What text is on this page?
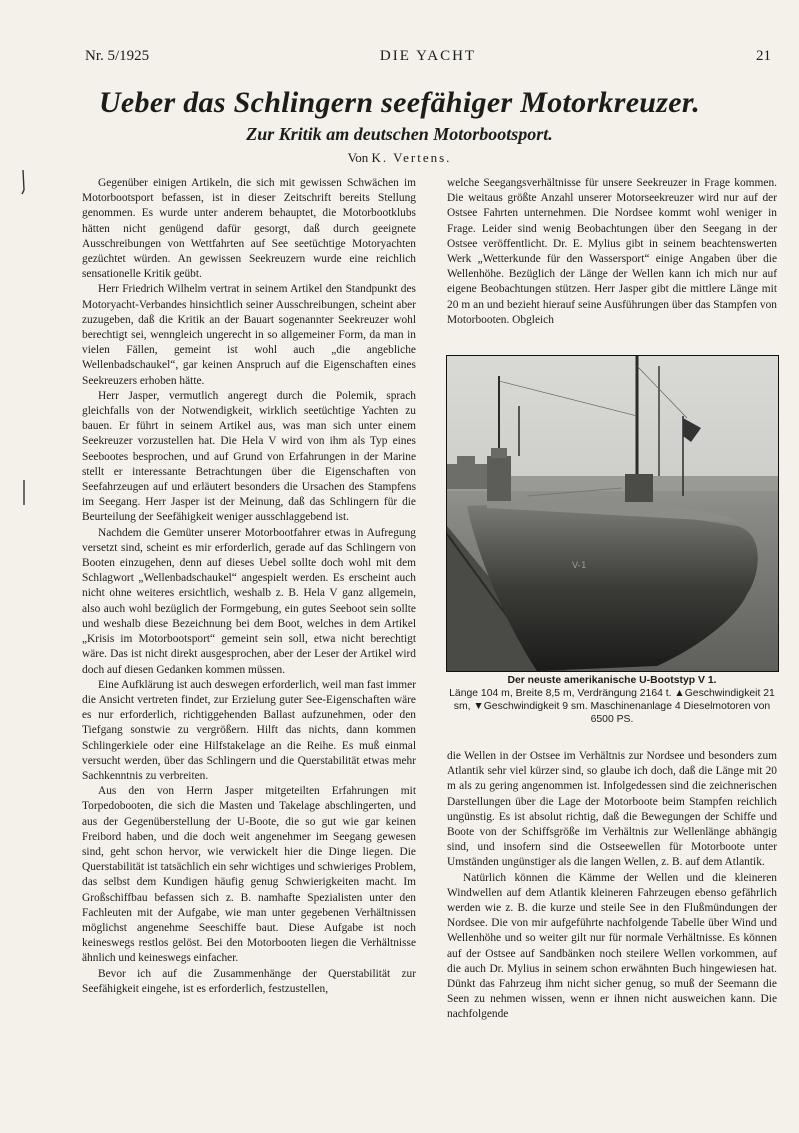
Nr. 5/1925	DIE YACHT	21
Ueber das Schlingern seefähiger Motorkreuzer.
Zur Kritik am deutschen Motorbootsport.
Von K. Vertens.

Gegenüber einigen Artikeln, die sich mit gewissen Schwächen im Motorbootsport befassen, ist in dieser Zeitschrift bereits Stellung genommen. Es wurde unter anderem behauptet, die Motorbootklubs hätten nicht genügend dafür gesorgt, daß durch geeignete Ausschreibungen von Wettfahrten auf See seetüchtige Motoryachten gezüchtet würden. An gewissen Seekreuzern wurde eine reichlich sensationelle Kritik geübt.

Herr Friedrich Wilhelm vertrat in seinem Artikel den Standpunkt des Motoryacht-Verbandes hinsichtlich seiner Ausschreibungen, scheint aber zuzugeben, daß die Kritik an der Bauart sogenannter Seekreuzer wohl berechtigt sei, wenngleich ungerecht in so allgemeiner Form, da man in vielen Fällen, gemeint ist wohl auch „die angebliche Wellenbadschaukel“, gar keinen Anspruch auf die Eigenschaften eines Seekreuzers erhoben hätte.

Herr Jasper, vermutlich angeregt durch die Polemik, sprach gleichfalls von der Notwendigkeit, wirklich seetüchtige Yachten zu bauen. Er führt in seinem Artikel aus, was man sich unter einem Seekreuzer vorzustellen hat. Die Hela V wird von ihm als Typ eines Seebootes besprochen, und auf Grund von Erfahrungen in der Marine stellt er interessante Betrachtungen über die Eigenschaften von Seefahrzeugen auf und erläutert besonders die Ursachen des Stampfens im Seegang. Herr Jasper ist der Meinung, daß das Schlingern für die Beurteilung der Seefähigkeit weniger ausschlaggebend ist.

Nachdem die Gemüter unserer Motorbootfahrer etwas in Aufregung versetzt sind, scheint es mir erforderlich, gerade auf das Schlingern von Booten einzugehen, denn auf dieses Uebel sollte doch wohl mit dem Schlagwort „Wellenbadschaukel“ angespielt werden. Es erscheint auch nicht ohne weiteres ersichtlich, weshalb z. B. Hela V ganz allgemein, also auch wohl bezüglich der Formgebung, ein gutes Seeboot sein sollte und weshalb diese Bezeichnung bei dem Boot, welches in dem Artikel „Krisis im Motorbootsport“ gemeint sein soll, etwa nicht berechtigt wäre. Das ist nicht direkt ausgesprochen, aber der Leser der Artikel wird doch auf diesen Gedanken kommen müssen.

Eine Aufklärung ist auch deswegen erforderlich, weil man fast immer die Ansicht vertreten findet, zur Erzielung guter See-Eigenschaften wäre es nur erforderlich, richtiggehenden Ballast aufzunehmen, oder den Tiefgang sonstwie zu vergrößern. Hilft das nichts, dann kommen Schlingerkiele oder eine Hilfstakelage an die Reihe. Es muß einmal versucht werden, über das Schlingern und die Querstabilität etwas mehr Sachkenntnis zu verbreiten.

Aus den von Herrn Jasper mitgeteilten Erfahrungen mit Torpedobooten, die sich die Masten und Takelage abschlingerten, und aus der Gegenüberstellung der U-Boote, die so gut wie gar keinen Freibord haben, und die doch weit angenehmer im Seegang gewesen sind, geht schon hervor, wie verwickelt hier die Dinge liegen. Die Querstabilität ist tatsächlich ein sehr wichtiges und schwieriges Problem, das selbst dem Kundigen häufig genug Schwierigkeiten macht. Im Großschiffbau befassen sich z. B. namhafte Spezialisten unter den Fachleuten mit der Aufgabe, wie man unter gegebenen Verhältnissen möglichst angenehme Seeschiffe baut. Diese Aufgabe ist noch keineswegs restlos gelöst. Bei den Motorbooten liegen die Verhältnisse ähnlich und keineswegs einfacher.

Bevor ich auf die Zusammenhänge der Querstabilität zur Seefähigkeit eingehe, ist es erforderlich, festzustellen,

welche Seegangsverhältnisse für unsere Seekreuzer in Frage kommen. Die weitaus größte Anzahl unserer Motorseekreuzer wird nur auf der Ostsee Fahrten unternehmen. Die Nordsee kommt wohl weniger in Frage. Leider sind wenig Beobachtungen über den Seegang in der Ostsee veröffentlicht. Dr. E. Mylius gibt in seinem beachtenswerten Werk „Wetterkunde für den Wassersport“ einige Angaben über die Wellenhöhe. Bezüglich der Länge der Wellen kann ich mich nur auf eigene Beobachtungen stützen. Herr Jasper gibt die mittlere Länge mit 20 m an und bezieht hierauf seine Ausführungen über das Stampfen von Motorbooten. Obgleich

V-1
Der neuste amerikanische U-Bootstyp V 1.
Länge 104 m, Breite 8,5 m, Verdrängung 2164 t. ▲Geschwindigkeit 21 sm, ▼Geschwindigkeit 9 sm. Maschinenanlage 4 Dieselmotoren von 6500 PS.

die Wellen in der Ostsee im Verhältnis zur Nordsee und besonders zum Atlantik sehr viel kürzer sind, so glaube ich doch, daß die Länge mit 20 m als zu gering angenommen ist. Infolgedessen sind die zeichnerischen Darstellungen über die Lage der Motorboote beim Stampfen reichlich ungünstig. Es ist absolut richtig, daß die Bewegungen der Schiffe und Boote von der Schiffsgröße im Verhältnis zur Wellenlänge abhängig sind, und insofern sind die Ostseewellen für Motorboote unter Umständen ungünstiger als die langen Wellen, z. B. auf dem Atlantik.

Natürlich können die Kämme der Wellen und die kleineren Windwellen auf dem Atlantik kleineren Fahrzeugen ebenso gefährlich werden wie z. B. die kurze und steile See in den Flußmündungen der Nordsee. Die von mir aufgeführte nachfolgende Tabelle über Wind und Wellenhöhe und so weiter gilt nur für normale Verhältnisse. Es können auf der Ostsee auf Sandbänken noch steilere Wellen vorkommen, auf die auch Dr. Mylius in seinem schon erwähnten Buch hingewiesen hat. Dünkt das Fahrzeug ihm nicht sicher genug, so muß der Seemann die Seen zu nehmen wissen, wenn er ihnen nicht ausweichen kann. Die nachfolgende
